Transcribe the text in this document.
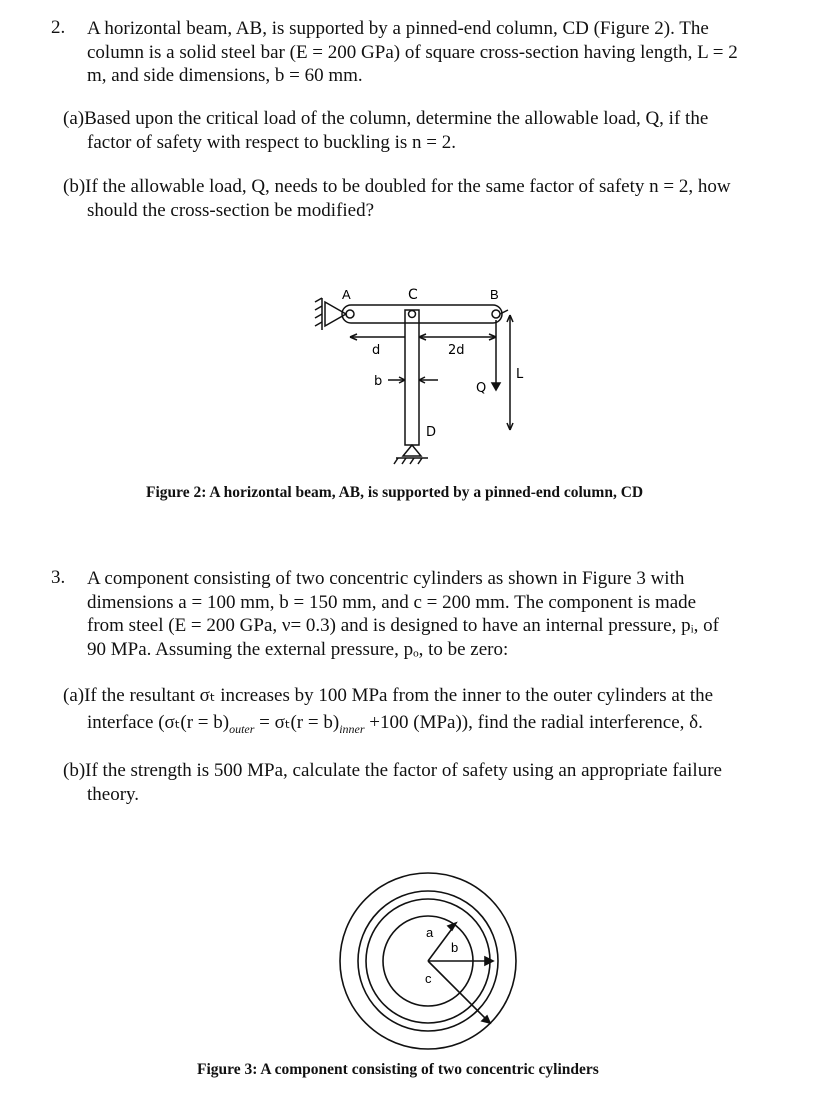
2. A horizontal beam, AB, is supported by a pinned-end column, CD (Figure 2). The
column is a solid steel bar (E = 200 GPa) of square cross-section having length, L = 2
m, and side dimensions, b = 60 mm.
(a)Based upon the critical load of the column, determine the allowable load, Q, if the
factor of safety with respect to buckling is n = 2.
(b)If the allowable load, Q, needs to be doubled for the same factor of safety n = 2, how
should the cross-section be modified?
A	C	B
d	2d
b	Q
L
D
Figure 2: A horizontal beam, AB, is supported by a pinned-end column, CD
3. A component consisting of two concentric cylinders as shown in Figure 3 with
dimensions a = 100 mm, b = 150 mm, and c = 200 mm. The component is made
from steel (E = 200 GPa, ν= 0.3) and is designed to have an internal pressure, pᵢ, of
90 MPa. Assuming the external pressure, pₒ, to be zero:
(a)If the resultant σₜ increases by 100 MPa from the inner to the outer cylinders at the
interface ($\sigma_t(r = b)_{outer} = \sigma_t(r = b)_{inner} +100$ (MPa)), find the radial interference, δ.
(b)If the strength is 500 MPa, calculate the factor of safety using an appropriate failure
theory.
a
b
c
Figure 3: A component consisting of two concentric cylinders
